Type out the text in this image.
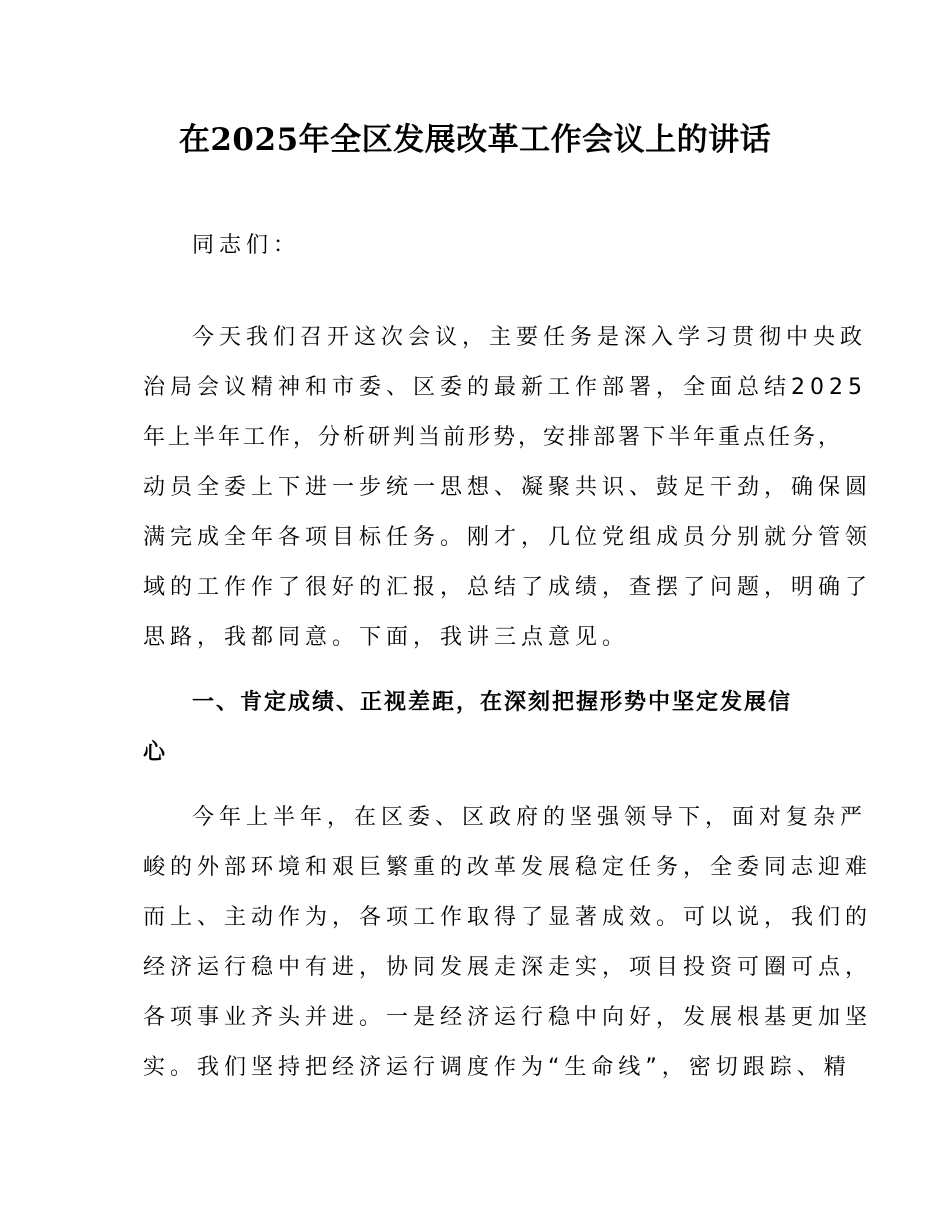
在2025年全区发展改革工作会议上的讲话

同志们：

今天我们召开这次会议，主要任务是深入学习贯彻中央政

治局会议精神和市委、区委的最新工作部署，全面总结2025

年上半年工作，分析研判当前形势，安排部署下半年重点任务，

动员全委上下进一步统一思想、凝聚共识、鼓足干劲，确保圆

满完成全年各项目标任务。刚才，几位党组成员分别就分管领

域的工作作了很好的汇报，总结了成绩，查摆了问题，明确了

思路，我都同意。下面，我讲三点意见。

一、肯定成绩、正视差距，在深刻把握形势中坚定发展信

心

今年上半年，在区委、区政府的坚强领导下，面对复杂严

峻的外部环境和艰巨繁重的改革发展稳定任务，全委同志迎难

而上、主动作为，各项工作取得了显著成效。可以说，我们的

经济运行稳中有进，协同发展走深走实，项目投资可圈可点，

各项事业齐头并进。一是经济运行稳中向好，发展根基更加坚

实。我们坚持把经济运行调度作为“生命线”，密切跟踪、精
